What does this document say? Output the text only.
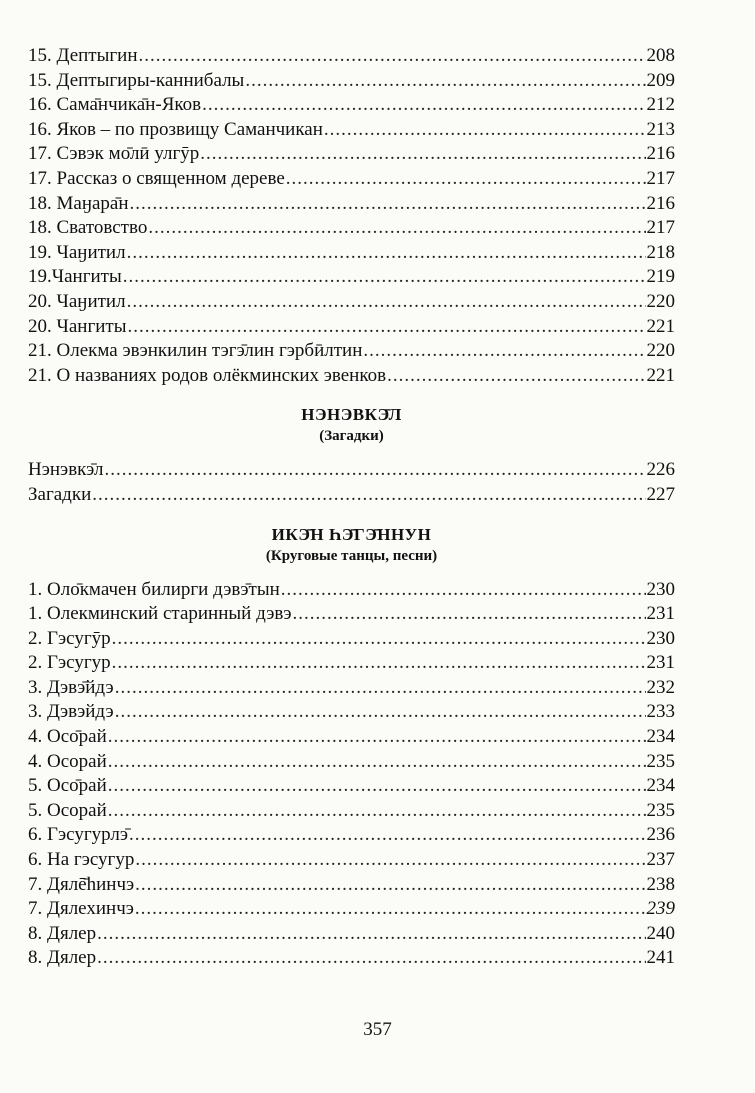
15. Дептыгин .....	208
15. Дептыгиры-каннибалы .....	209
16. Сама̄нчика̄н-Яков .....	212
16. Яков – по прозвищу Саманчикан .....	213
17. Сэвэк мо̄лӣ улгӯр .....	216
17. Рассказ о священном дереве .....	217
18. Маӈара̄н .....	216
18. Сватовство .....	217
19. Чаӈитил .....	218
19.Чангиты .....	219
20. Чаӈитил .....	220
20. Чангиты .....	221
21. Олекма эвэнкилин тэгэ̄лин гэрбӣлтин .....	220
21. О названиях родов олёкминских эвенков .....	221
НЭНЭВКЭ̄Л
(Загадки)
Нэнэвкэ̄л .....	226
Загадки .....	227
ИКЭ̄Н ҺЭ̄ГЭ̄ННУН
(Круговые танцы, песни)
1. Оло̄кмачен билирги дэвэ̄тын .....	230
1. Олекминский старинный дэвэ .....	231
2. Гэсугӯр .....	230
2. Гэсугур .....	231
3. Дэвэ̄йдэ .....	232
3. Дэвэйдэ .....	233
4. Осо̄рай .....	234
4. Осорай .....	235
5. Осо̄рай .....	234
5. Осорай .....	235
6. Гэсугурлэ̄ .....	236
6. На гэсугур .....	237
7. Дялē̄һинчэ .....	238
7. Дялехинчэ .....	239
8. Дялер .....	240
8. Дялер .....	241
357
